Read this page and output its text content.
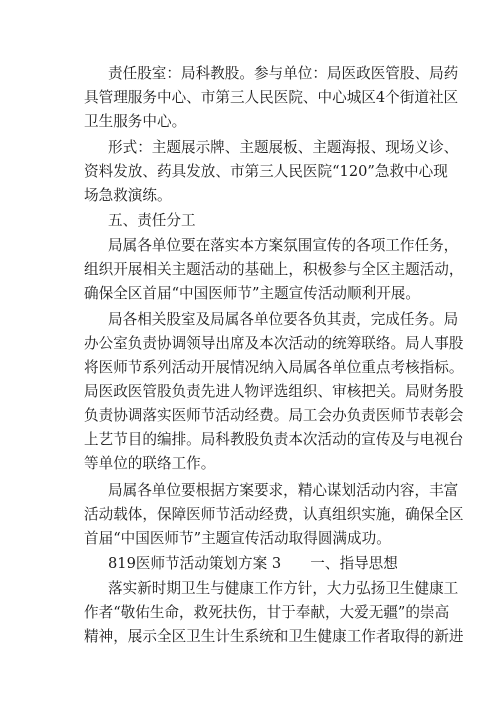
责任股室：局科教股。参与单位：局医政医管股、局药
具管理服务中心、市第三人民医院、中心城区4个街道社区
卫生服务中心。
形式：主题展示牌、主题展板、主题海报、现场义诊、
资料发放、药具发放、市第三人民医院“120”急救中心现
场急救演练。
五、责任分工
局属各单位要在落实本方案氛围宣传的各项工作任务，
组织开展相关主题活动的基础上，积极参与全区主题活动，
确保全区首届“中国医师节”主题宣传活动顺利开展。
局各相关股室及局属各单位要各负其责，完成任务。局
办公室负责协调领导出席及本次活动的统筹联络。局人事股
将医师节系列活动开展情况纳入局属各单位重点考核指标。
局医政医管股负责先进人物评选组织、审核把关。局财务股
负责协调落实医师节活动经费。局工会办负责医师节表彰会
上艺节目的编排。局科教股负责本次活动的宣传及与电视台
等单位的联络工作。
局属各单位要根据方案要求，精心谋划活动内容，丰富
活动载体，保障医师节活动经费，认真组织实施，确保全区
首届“中国医师节”主题宣传活动取得圆满成功。
819医师节活动策划方案 3　　一、指导思想
落实新时期卫生与健康工作方针，大力弘扬卫生健康工
作者“敬佑生命，救死扶伤，甘于奉献，大爱无疆”的崇高
精神，展示全区卫生计生系统和卫生健康工作者取得的新进
